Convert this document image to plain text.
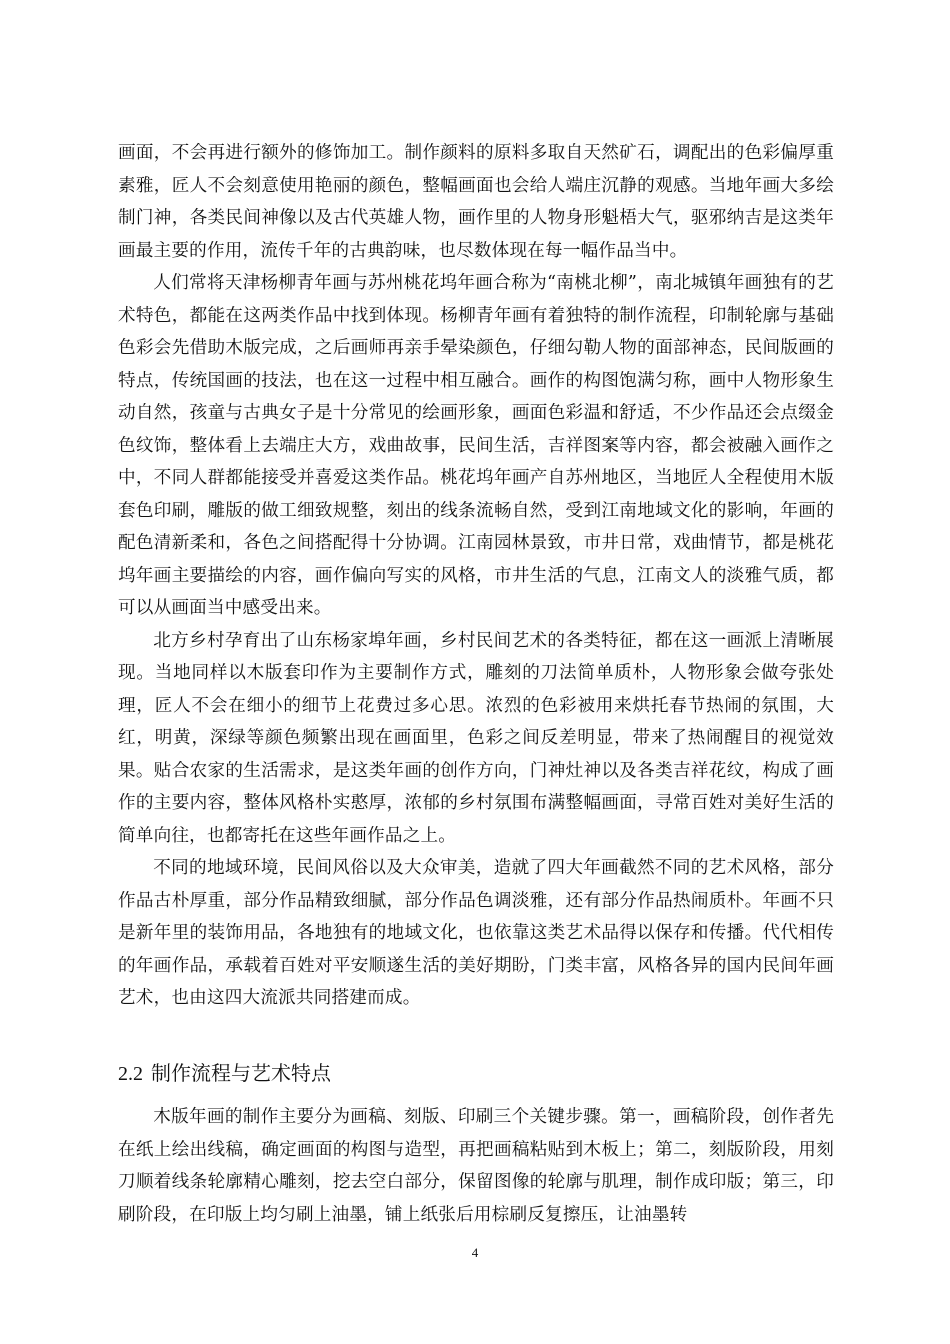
画面，不会再进行额外的修饰加工。制作颜料的原料多取自天然矿石，调配出的色彩偏厚重素雅，匠人不会刻意使用艳丽的颜色，整幅画面也会给人端庄沉静的观感。当地年画大多绘制门神，各类民间神像以及古代英雄人物，画作里的人物身形魁梧大气，驱邪纳吉是这类年画最主要的作用，流传千年的古典韵味，也尽数体现在每一幅作品当中。

人们常将天津杨柳青年画与苏州桃花坞年画合称为“南桃北柳”，南北城镇年画独有的艺术特色，都能在这两类作品中找到体现。杨柳青年画有着独特的制作流程，印制轮廓与基础色彩会先借助木版完成，之后画师再亲手晕染颜色，仔细勾勒人物的面部神态，民间版画的特点，传统国画的技法，也在这一过程中相互融合。画作的构图饱满匀称，画中人物形象生动自然，孩童与古典女子是十分常见的绘画形象，画面色彩温和舒适，不少作品还会点缀金色纹饰，整体看上去端庄大方，戏曲故事，民间生活，吉祥图案等内容，都会被融入画作之中，不同人群都能接受并喜爱这类作品。桃花坞年画产自苏州地区，当地匠人全程使用木版套色印刷，雕版的做工细致规整，刻出的线条流畅自然，受到江南地域文化的影响，年画的配色清新柔和，各色之间搭配得十分协调。江南园林景致，市井日常，戏曲情节，都是桃花坞年画主要描绘的内容，画作偏向写实的风格，市井生活的气息，江南文人的淡雅气质，都可以从画面当中感受出来。

北方乡村孕育出了山东杨家埠年画，乡村民间艺术的各类特征，都在这一画派上清晰展现。当地同样以木版套印作为主要制作方式，雕刻的刀法简单质朴，人物形象会做夸张处理，匠人不会在细小的细节上花费过多心思。浓烈的色彩被用来烘托春节热闹的氛围，大红，明黄，深绿等颜色频繁出现在画面里，色彩之间反差明显，带来了热闹醒目的视觉效果。贴合农家的生活需求，是这类年画的创作方向，门神灶神以及各类吉祥花纹，构成了画作的主要内容，整体风格朴实憨厚，浓郁的乡村氛围布满整幅画面，寻常百姓对美好生活的简单向往，也都寄托在这些年画作品之上。

不同的地域环境，民间风俗以及大众审美，造就了四大年画截然不同的艺术风格，部分作品古朴厚重，部分作品精致细腻，部分作品色调淡雅，还有部分作品热闹质朴。年画不只是新年里的装饰用品，各地独有的地域文化，也依靠这类艺术品得以保存和传播。代代相传的年画作品，承载着百姓对平安顺遂生活的美好期盼，门类丰富，风格各异的国内民间年画艺术，也由这四大流派共同搭建而成。

2.2 制作流程与艺术特点

木版年画的制作主要分为画稿、刻版、印刷三个关键步骤。第一，画稿阶段，创作者先在纸上绘出线稿，确定画面的构图与造型，再把画稿粘贴到木板上；第二，刻版阶段，用刻刀顺着线条轮廓精心雕刻，挖去空白部分，保留图像的轮廓与肌理，制作成印版；第三，印刷阶段，在印版上均匀刷上油墨，铺上纸张后用棕刷反复擦压，让油墨转

4
